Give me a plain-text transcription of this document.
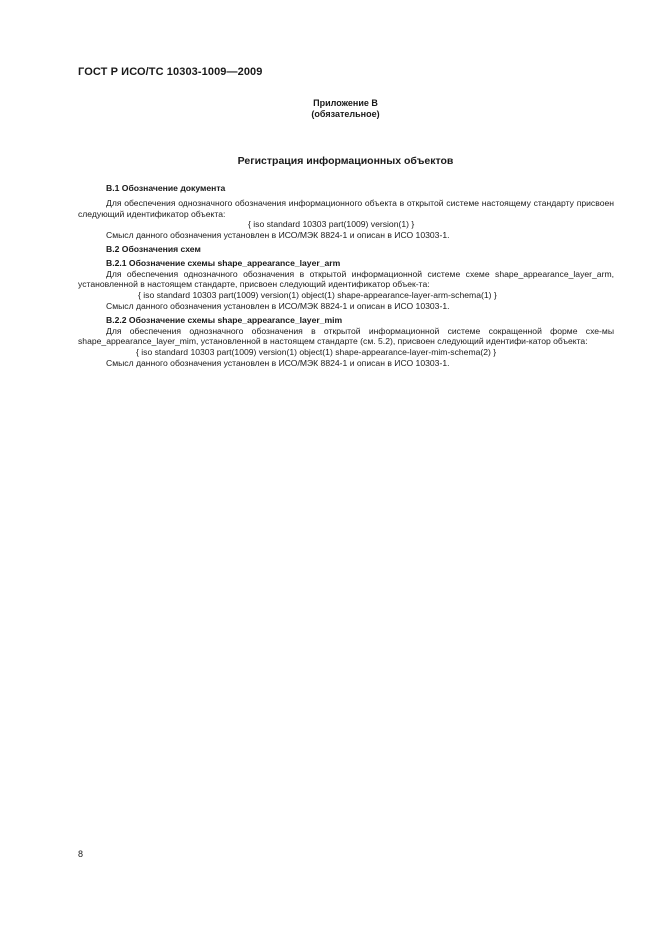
ГОСТ Р ИСО/ТС 10303-1009—2009
Приложение В
(обязательное)
Регистрация информационных объектов

В.1 Обозначение документа

Для обеспечения однозначного обозначения информационного объекта в открытой системе настоящему стандарту присвоен следующий идентификатор объекта:

{ iso standard 10303 part(1009) version(1) }

Смысл данного обозначения установлен в ИСО/МЭК 8824-1 и описан в ИСО 10303-1.

В.2 Обозначения схем

В.2.1 Обозначение схемы shape_appearance_layer_arm

Для обеспечения однозначного обозначения в открытой информационной системе схеме shape_appearance_layer_arm, установленной в настоящем стандарте, присвоен следующий идентификатор объек-та:

{ iso standard 10303 part(1009) version(1) object(1) shape-appearance-layer-arm-schema(1) }

Смысл данного обозначения установлен в ИСО/МЭК 8824-1 и описан в ИСО 10303-1.

В.2.2 Обозначение схемы shape_appearance_layer_mim

Для обеспечения однозначного обозначения в открытой информационной системе сокращенной форме схе-мы shape_appearance_layer_mim, установленной в настоящем стандарте (см. 5.2), присвоен следующий идентифи-катор объекта:

{ iso standard 10303 part(1009) version(1) object(1) shape-appearance-layer-mim-schema(2) }

Смысл данного обозначения установлен в ИСО/МЭК 8824-1 и описан в ИСО 10303-1.

8
